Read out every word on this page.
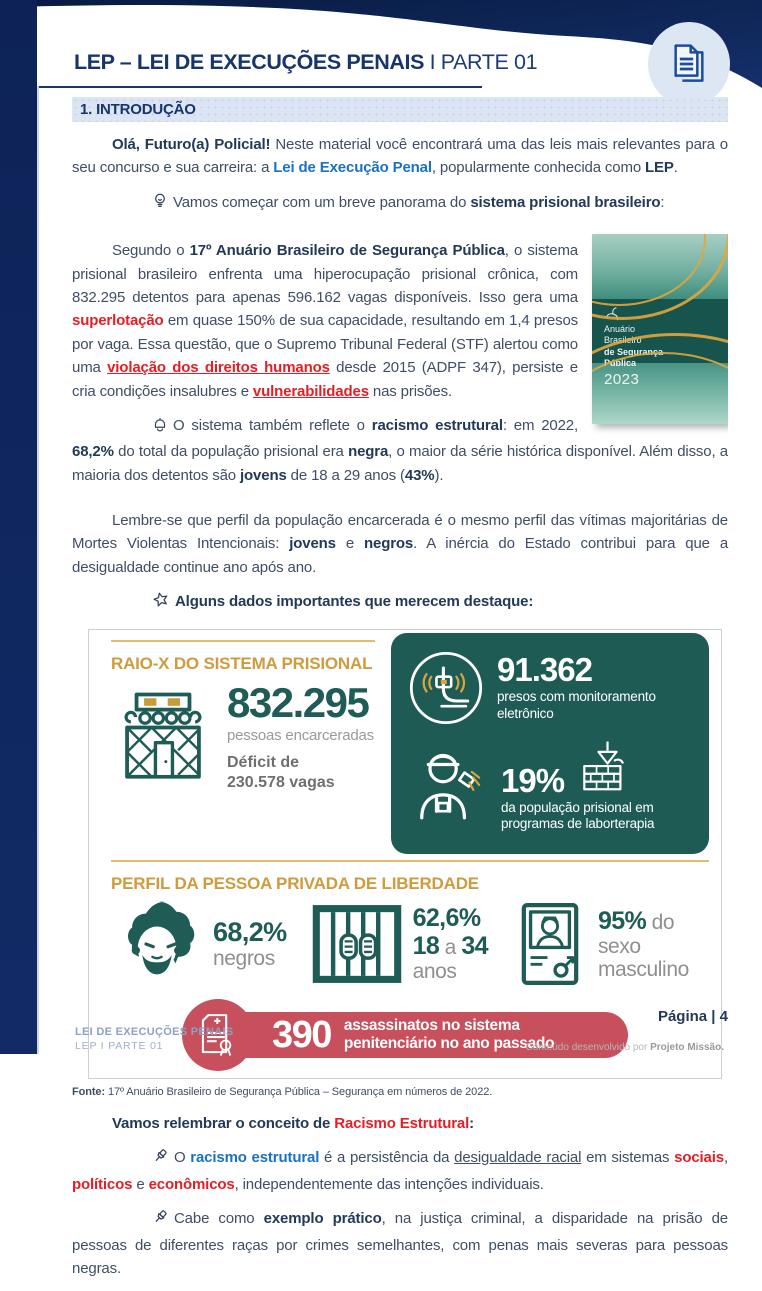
LEP – LEI DE EXECUÇÕES PENAIS I PARTE 01
1. INTRODUÇÃO

Olá, Futuro(a) Policial! Neste material você encontrará uma das leis mais relevantes para o seu concurso e sua carreira: a Lei de Execução Penal, popularmente conhecida como LEP.

Vamos começar com um breve panorama do sistema prisional brasileiro:

Anuário
Brasileiro
de Segurança
Pública
2023

Segundo o 17º Anuário Brasileiro de Segurança Pública, o sistema prisional brasileiro enfrenta uma hiperocupação prisional crônica, com 832.295 detentos para apenas 596.162 vagas disponíveis. Isso gera uma superlotação em quase 150% de sua capacidade, resultando em 1,4 presos por vaga. Essa questão, que o Supremo Tribunal Federal (STF) alertou como uma violação dos direitos humanos desde 2015 (ADPF 347), persiste e cria condições insalubres e vulnerabilidades nas prisões.

O sistema também reflete o racismo estrutural: em 2022, 68,2% do total da população prisional era negra, o maior da série histórica disponível. Além disso, a maioria dos detentos são jovens de 18 a 29 anos (43%).

Lembre-se que perfil da população encarcerada é o mesmo perfil das vítimas majoritárias de Mortes Violentas Intencionais: jovens e negros. A inércia do Estado contribui para que a desigualdade continue ano após ano.

Alguns dados importantes que merecem destaque:

RAIO-X DO SISTEMA PRISIONAL
832.295
pessoas encarceradas
Déficit de
230.578 vagas
91.362
presos com monitoramento eletrônico
19%
da população prisional em programas de laborterapia
PERFIL DA PESSOA PRIVADA DE LIBERDADE
68,2%
negros
62,6%
18 a 34
anos
95% do
sexo
masculino
390 assassinatos no sistema penitenciário no ano passado
Fonte: 17º Anuário Brasileiro de Segurança Pública – Segurança em números de 2022.

Vamos relembrar o conceito de Racismo Estrutural:

O racismo estrutural é a persistência da desigualdade racial em sistemas sociais, políticos e econômicos, independentemente das intenções individuais.

Cabe como exemplo prático, na justiça criminal, a disparidade na prisão de pessoas de diferentes raças por crimes semelhantes, com penas mais severas para pessoas negras.

Página | 4
LEI DE EXECUÇÕES PENAIS
LEP I PARTE 01	Conteúdo desenvolvido por Projeto Missão.
